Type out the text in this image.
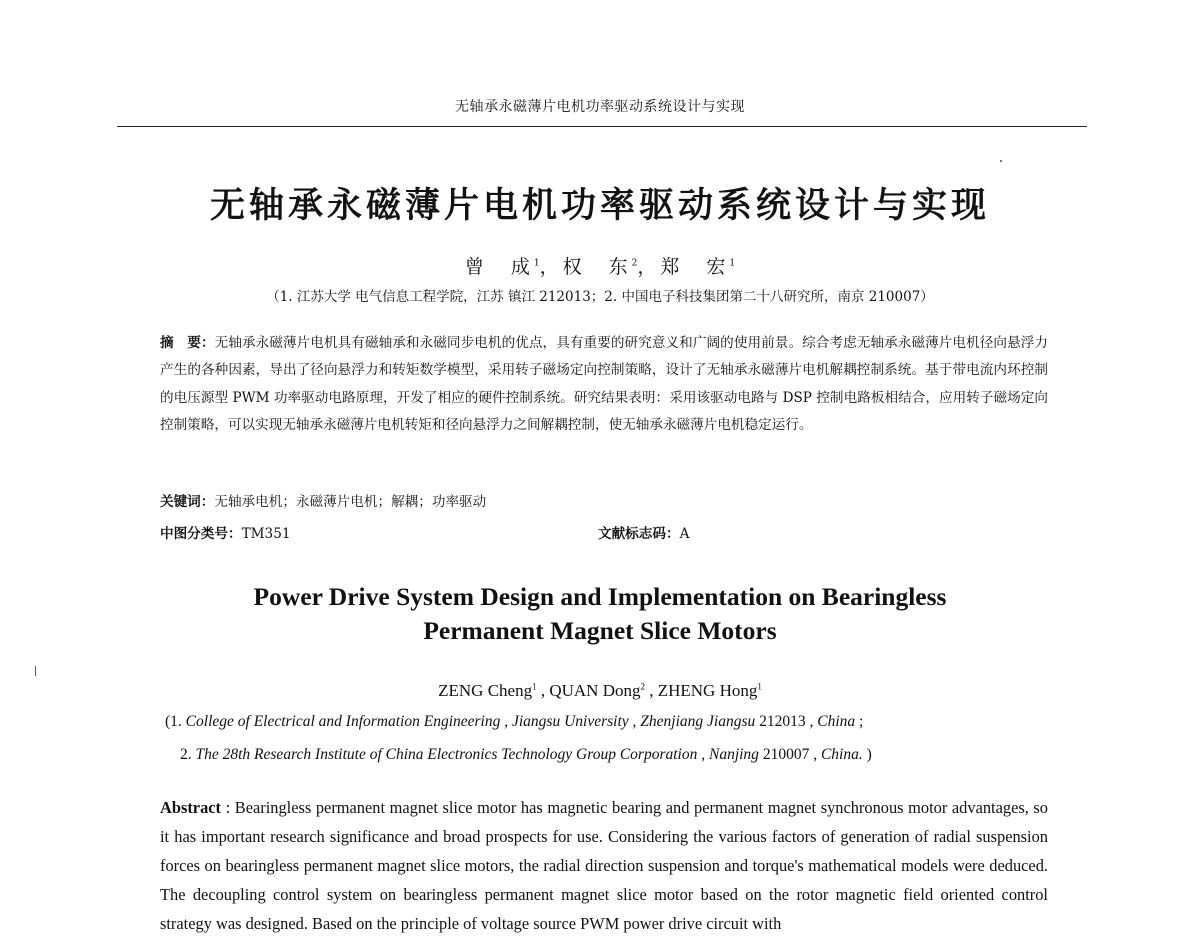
无轴承永磁薄片电机功率驱动系统设计与实现
无轴承永磁薄片电机功率驱动系统设计与实现
曾　成$^1$，权　东$^2$，郑　宏$^1$
（1. 江苏大学 电气信息工程学院，江苏 镇江 212013；2. 中国电子科技集团第二十八研究所，南京 210007）
摘　要：无轴承永磁薄片电机具有磁轴承和永磁同步电机的优点，具有重要的研究意义和广阔的使用前景。综合考虑无轴承永磁薄片电机径向悬浮力产生的各种因素，导出了径向悬浮力和转矩数学模型，采用转子磁场定向控制策略，设计了无轴承永磁薄片电机解耦控制系统。基于带电流内环控制的电压源型 PWM 功率驱动电路原理，开发了相应的硬件控制系统。研究结果表明：采用该驱动电路与 DSP 控制电路板相结合，应用转子磁场定向控制策略，可以实现无轴承永磁薄片电机转矩和径向悬浮力之间解耦控制，使无轴承永磁薄片电机稳定运行。
关键词：无轴承电机；永磁薄片电机；解耦；功率驱动
中图分类号：TM351	文献标志码：A
Power Drive System Design and Implementation on Bearingless
Permanent Magnet Slice Motors
ZENG Cheng$^1$ , QUAN Dong$^2$ , ZHENG Hong$^1$
(1. College of Electrical and Information Engineering , Jiangsu University , Zhenjiang Jiangsu 212013 , China ;
2. The 28th Research Institute of China Electronics Technology Group Corporation , Nanjing 210007 , China. )
Abstract : Bearingless permanent magnet slice motor has magnetic bearing and permanent magnet synchronous motor advantages, so it has important research significance and broad prospects for use. Considering the various factors of generation of radial suspension forces on bearingless permanent magnet slice motors, the radial direction suspension and torque's mathematical models were deduced. The decoupling control system on bearingless permanent magnet slice motor based on the rotor magnetic field oriented control strategy was designed. Based on the principle of voltage source PWM power drive circuit with
